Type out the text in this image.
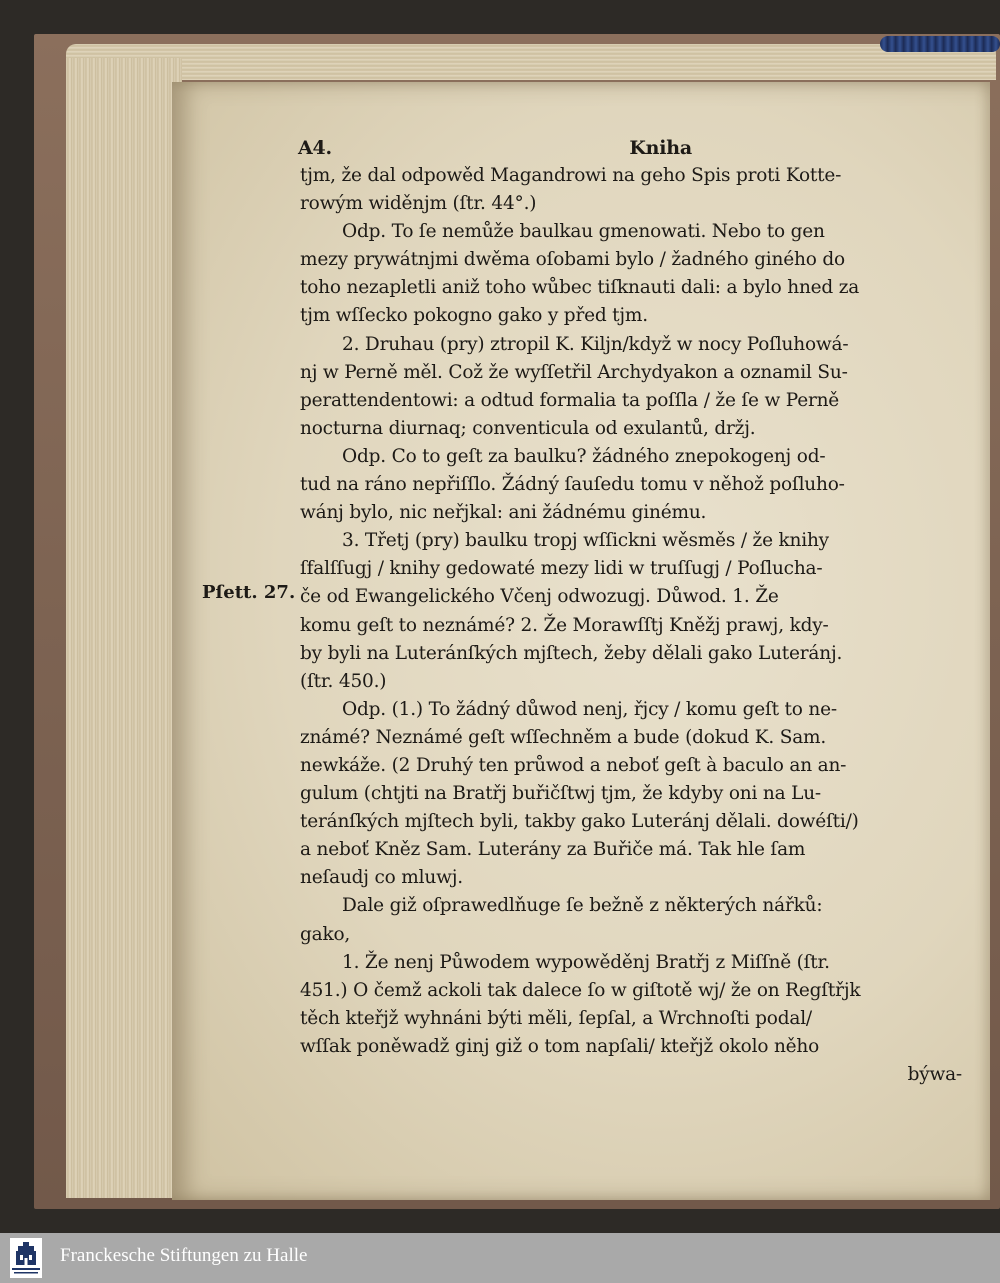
A4.	Kniha
tjm, že dal odpowěd Magandrowi na geho Spis proti Kotte-
rowým widěnjm (ſtr. 44°.)
Odp. To ſe nemůže baulkau gmenowati. Nebo to gen
mezy prywátnjmi dwěma oſobami bylo / žadného giného do
toho nezapletli aniž toho wůbec tiſknauti dali: a bylo hned za
tjm wſſecko pokogno gako y před tjm.
2. Druhau (pry) ztropil K. Kiljn/když w nocy Poſluhowá-
nj w Perně měl. Což že wyſſetřil Archydyakon a oznamil Su-
perattendentowi: a odtud formalia ta poſſla / že ſe w Perně
nocturna diurnaq; conventicula od exulantů, držj.
Odp. Co to geſt za baulku? žádného znepokogenj od-
tud na ráno nepřiſſlo. Žádný ſauſedu tomu v něhož poſluho-
wánj bylo, nic neřjkal: ani žádnému ginému.
3. Třetj (pry) baulku tropj wſſickni wěsměs / že knihy
ſfalſſugj / knihy gedowaté mezy lidi w truſſugj / Poſlucha-
če od Ewangelického Včenj odwozugj. Důwod. 1. Že
komu geſt to neznámé? 2. Že Morawſſtj Kněžj prawj, kdy-
by byli na Luteránſkých mjſtech, žeby dělali gako Luteránj.
(ſtr. 450.)
Odp. (1.) To žádný důwod nenj, řjcy / komu geſt to ne-
známé? Neznámé geſt wſſechněm a bude (dokud K. Sam.
newkáže. (2 Druhý ten průwod a neboť geſt à baculo an an-
gulum (chtjti na Bratřj buřičſtwj tjm, že kdyby oni na Lu-
teránſkých mjſtech byli, takby gako Luteránj dělali. dowéſti/)
a neboť Kněz Sam. Luterány za Buřiče má. Tak hle ſam
neſaudj co mluwj.
Dale giž oſprawedlňuge ſe bežně z některých nářků:
gako,
1. Že nenj Půwodem wypowěděnj Bratřj z Miſſně (ſtr.
451.) O čemž ackoli tak dalece ſo w giſtotě wj/ že on Regſtřjk
těch kteřjž wyhnáni býti měli, ſepſal, a Wrchnoſti podal/
wſſak poněwadž ginj giž o tom napſali/ kteřjž okolo něho
býwa-
Pſett. 27.
Franckesche Stiftungen zu Halle
